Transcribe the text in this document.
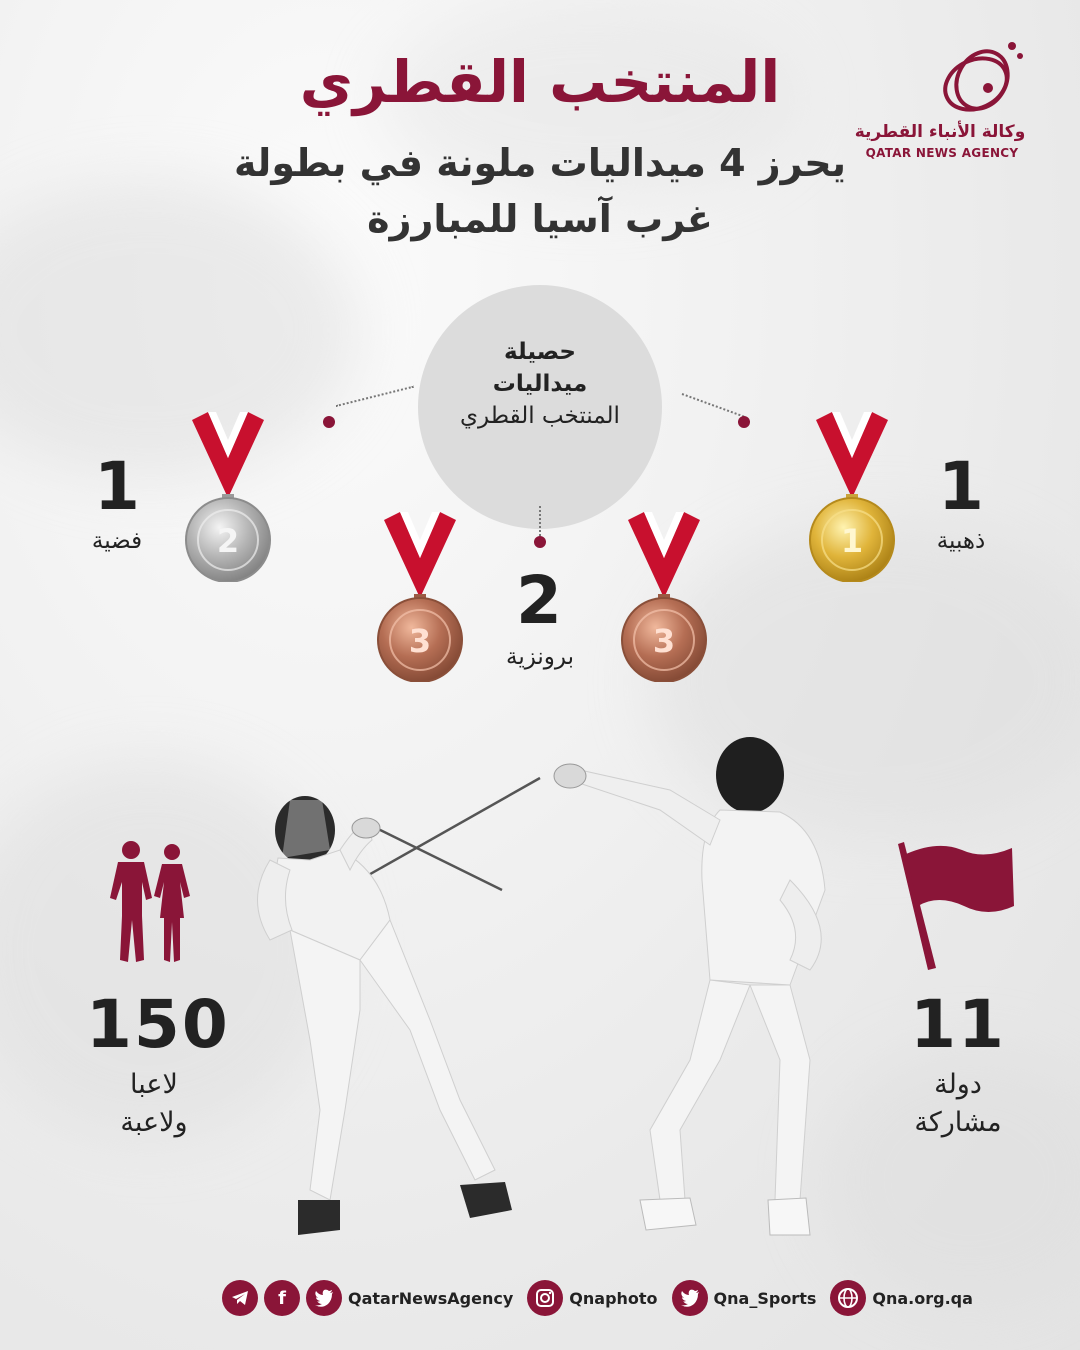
وكالة الأنباء القطرية
QATAR NEWS AGENCY
المنتخب القطري
يحرز 4 ميداليات ملونة في بطولة
غرب آسيا للمبارزة
حصيلة
ميداليات
المنتخب القطري
1
1
ذهبية
2
1
فضية
3	3
2
برونزية
150
لاعبا
ولاعبة
11
دولة
مشاركة
f	QatarNewsAgency	Qnaphoto	Qna_Sports	Qna.org.qa
